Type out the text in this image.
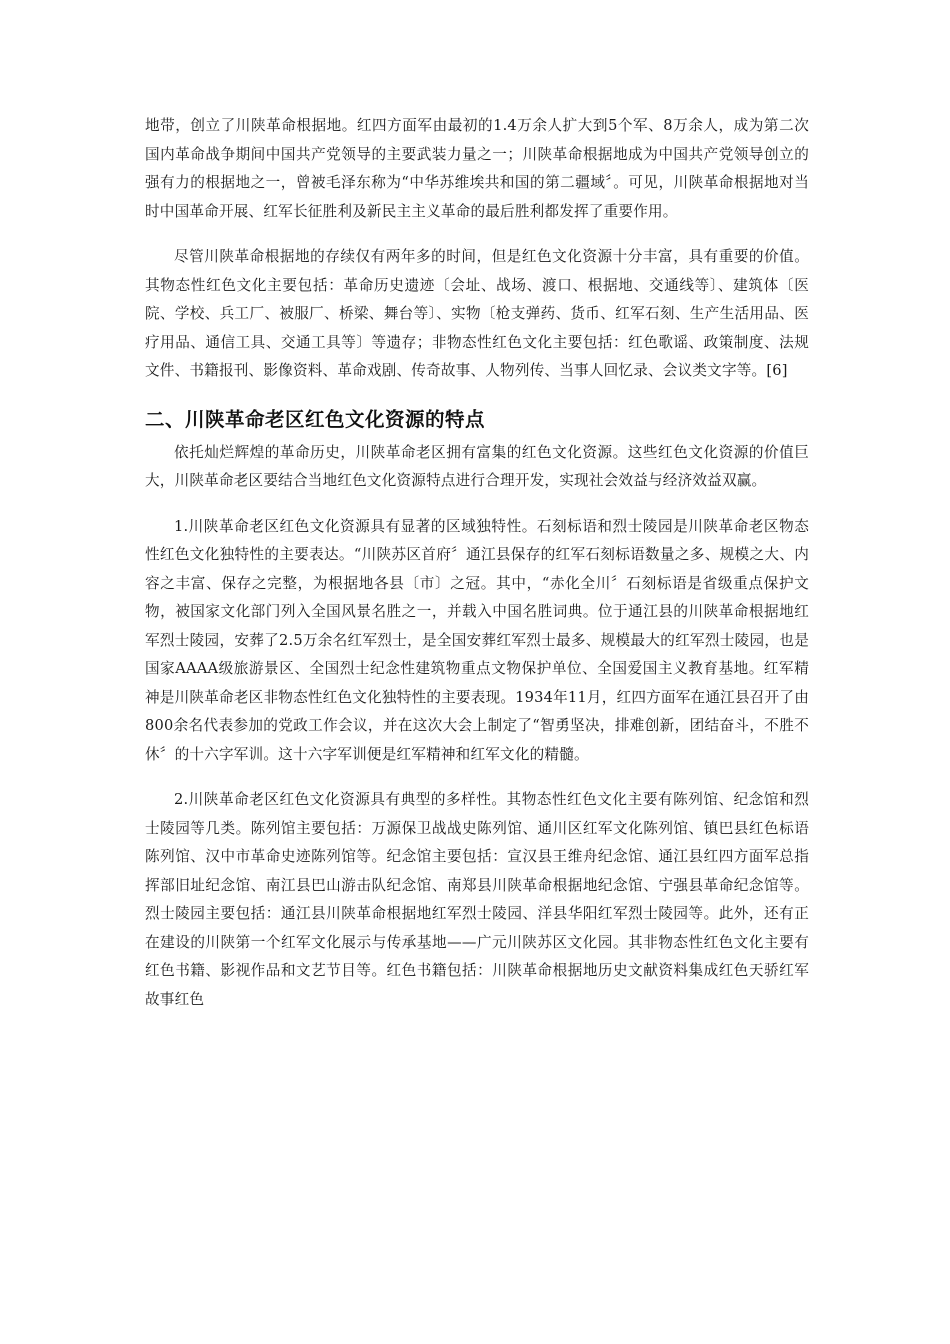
地带，创立了川陕革命根据地。红四方面军由最初的1.4万余人扩大到5个军、8万余人，成为第二次国内革命战争期间中国共产党领导的主要武装力量之一；川陕革命根据地成为中国共产党领导创立的强有力的根据地之一，曾被毛泽东称为“中华苏维埃共和国的第二疆域〞。可见，川陕革命根据地对当时中国革命开展、红军长征胜利及新民主主义革命的最后胜利都发挥了重要作用。

尽管川陕革命根据地的存续仅有两年多的时间，但是红色文化资源十分丰富，具有重要的价值。其物态性红色文化主要包括：革命历史遗迹〔会址、战场、渡口、根据地、交通线等〕、建筑体〔医院、学校、兵工厂、被服厂、桥梁、舞台等〕、实物〔枪支弹药、货币、红军石刻、生产生活用品、医疗用品、通信工具、交通工具等〕等遗存；非物态性红色文化主要包括：红色歌谣、政策制度、法规文件、书籍报刊、影像资料、革命戏剧、传奇故事、人物列传、当事人回忆录、会议类文字等。[6]

二、川陕革命老区红色文化资源的特点

依托灿烂辉煌的革命历史，川陕革命老区拥有富集的红色文化资源。这些红色文化资源的价值巨大，川陕革命老区要结合当地红色文化资源特点进行合理开发，实现社会效益与经济效益双赢。

1.川陕革命老区红色文化资源具有显著的区域独特性。石刻标语和烈士陵园是川陕革命老区物态性红色文化独特性的主要表达。“川陕苏区首府〞通江县保存的红军石刻标语数量之多、规模之大、内容之丰富、保存之完整，为根据地各县〔市〕之冠。其中，“赤化全川〞石刻标语是省级重点保护文物，被国家文化部门列入全国风景名胜之一，并载入中国名胜词典。位于通江县的川陕革命根据地红军烈士陵园，安葬了2.5万余名红军烈士，是全国安葬红军烈士最多、规模最大的红军烈士陵园，也是国家AAAA级旅游景区、全国烈士纪念性建筑物重点文物保护单位、全国爱国主义教育基地。红军精神是川陕革命老区非物态性红色文化独特性的主要表现。1934年11月，红四方面军在通江县召开了由800余名代表参加的党政工作会议，并在这次大会上制定了“智勇坚决，排难创新，团结奋斗，不胜不休〞的十六字军训。这十六字军训便是红军精神和红军文化的精髓。

2.川陕革命老区红色文化资源具有典型的多样性。其物态性红色文化主要有陈列馆、纪念馆和烈士陵园等几类。陈列馆主要包括：万源保卫战战史陈列馆、通川区红军文化陈列馆、镇巴县红色标语陈列馆、汉中市革命史迹陈列馆等。纪念馆主要包括：宣汉县王维舟纪念馆、通江县红四方面军总指挥部旧址纪念馆、南江县巴山游击队纪念馆、南郑县川陕革命根据地纪念馆、宁强县革命纪念馆等。烈士陵园主要包括：通江县川陕革命根据地红军烈士陵园、洋县华阳红军烈士陵园等。此外，还有正在建设的川陕第一个红军文化展示与传承基地——广元川陕苏区文化园。其非物态性红色文化主要有红色书籍、影视作品和文艺节目等。红色书籍包括：川陕革命根据地历史文献资料集成红色天骄红军故事红色
